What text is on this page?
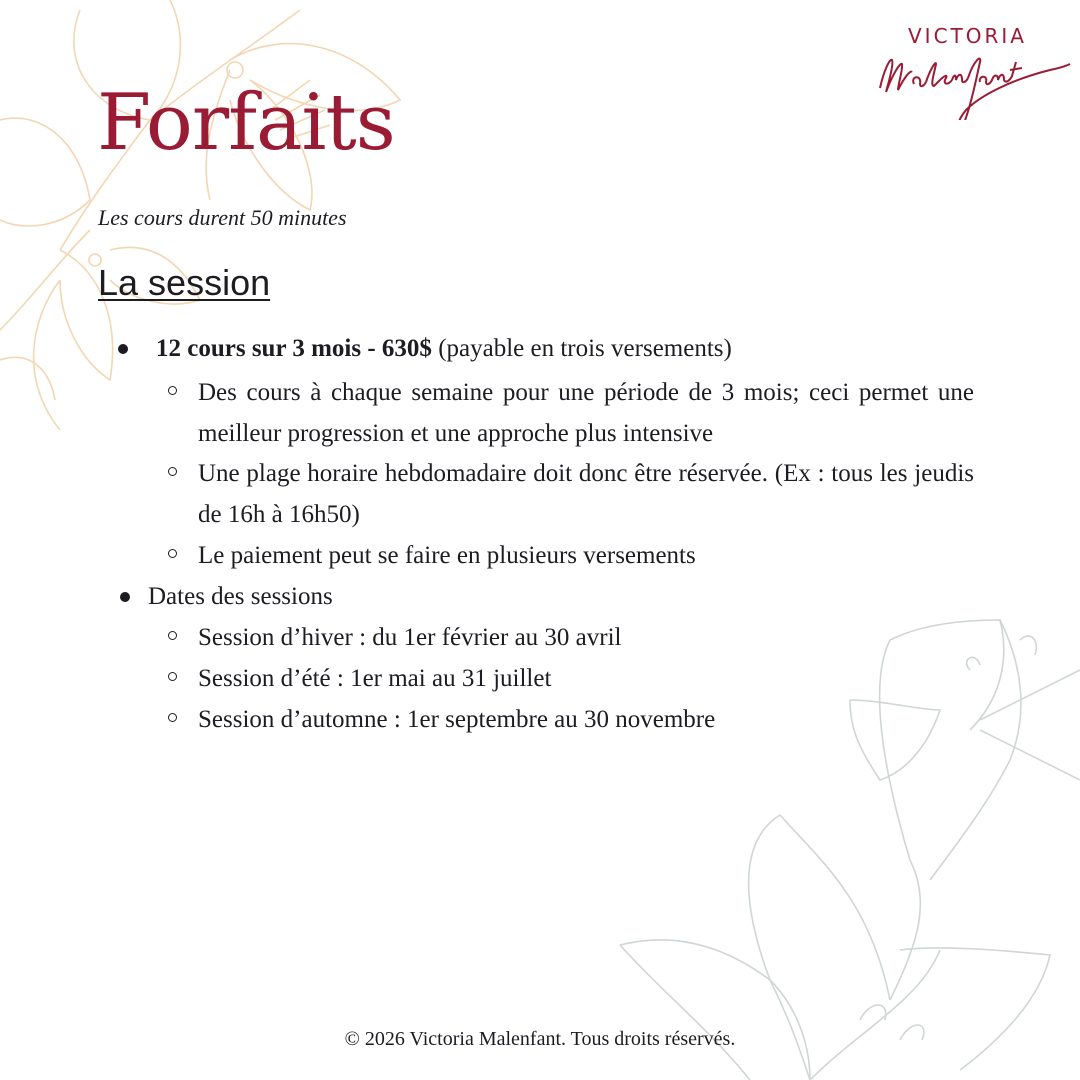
VICTORIA
Forfaits
Les cours durent 50 minutes
La session
12 cours sur 3 mois - 630$ (payable en trois versements)
Des cours à chaque semaine pour une période de 3 mois; ceci permet une meilleur progression et une approche plus intensive
Une plage horaire hebdomadaire doit donc être réservée. (Ex : tous les jeudis de 16h à 16h50)
Le paiement peut se faire en plusieurs versements
Dates des sessions
Session d’hiver : du 1er février au 30 avril
Session d’été : 1er mai au 31 juillet
Session d’automne : 1er septembre au 30 novembre
© 2026 Victoria Malenfant. Tous droits réservés.
